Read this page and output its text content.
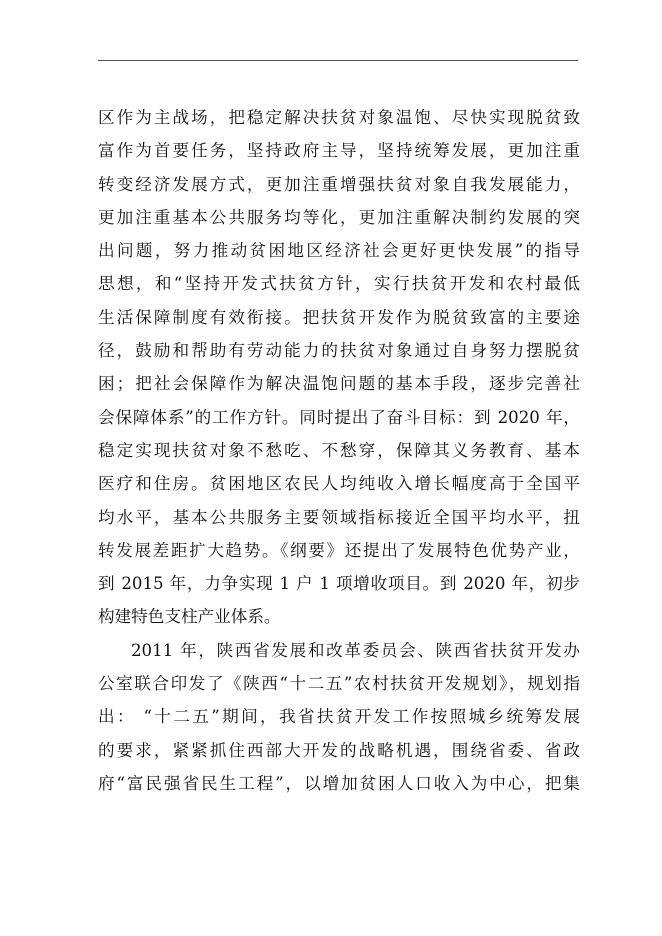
区作为主战场，把稳定解决扶贫对象温饱、尽快实现脱贫致
富作为首要任务，坚持政府主导，坚持统筹发展，更加注重
转变经济发展方式，更加注重增强扶贫对象自我发展能力，
更加注重基本公共服务均等化，更加注重解决制约发展的突
出问题，努力推动贫困地区经济社会更好更快发展”的指导
思想，和“坚持开发式扶贫方针，实行扶贫开发和农村最低
生活保障制度有效衔接。把扶贫开发作为脱贫致富的主要途
径，鼓励和帮助有劳动能力的扶贫对象通过自身努力摆脱贫
困；把社会保障作为解决温饱问题的基本手段，逐步完善社
会保障体系”的工作方针。同时提出了奋斗目标：到 2020 年，
稳定实现扶贫对象不愁吃、不愁穿，保障其义务教育、基本
医疗和住房。贫困地区农民人均纯收入增长幅度高于全国平
均水平，基本公共服务主要领域指标接近全国平均水平，扭
转发展差距扩大趋势。《纲要》还提出了发展特色优势产业，
到 2015 年，力争实现 1 户 1 项增收项目。到 2020 年，初步
构建特色支柱产业体系。
2011 年，陕西省发展和改革委员会、陕西省扶贫开发办
公室联合印发了《陕西“十二五”农村扶贫开发规划》，规划指
出： “十二五”期间，我省扶贫开发工作按照城乡统筹发展
的要求，紧紧抓住西部大开发的战略机遇，围绕省委、省政
府“富民强省民生工程”，以增加贫困人口收入为中心，把集
